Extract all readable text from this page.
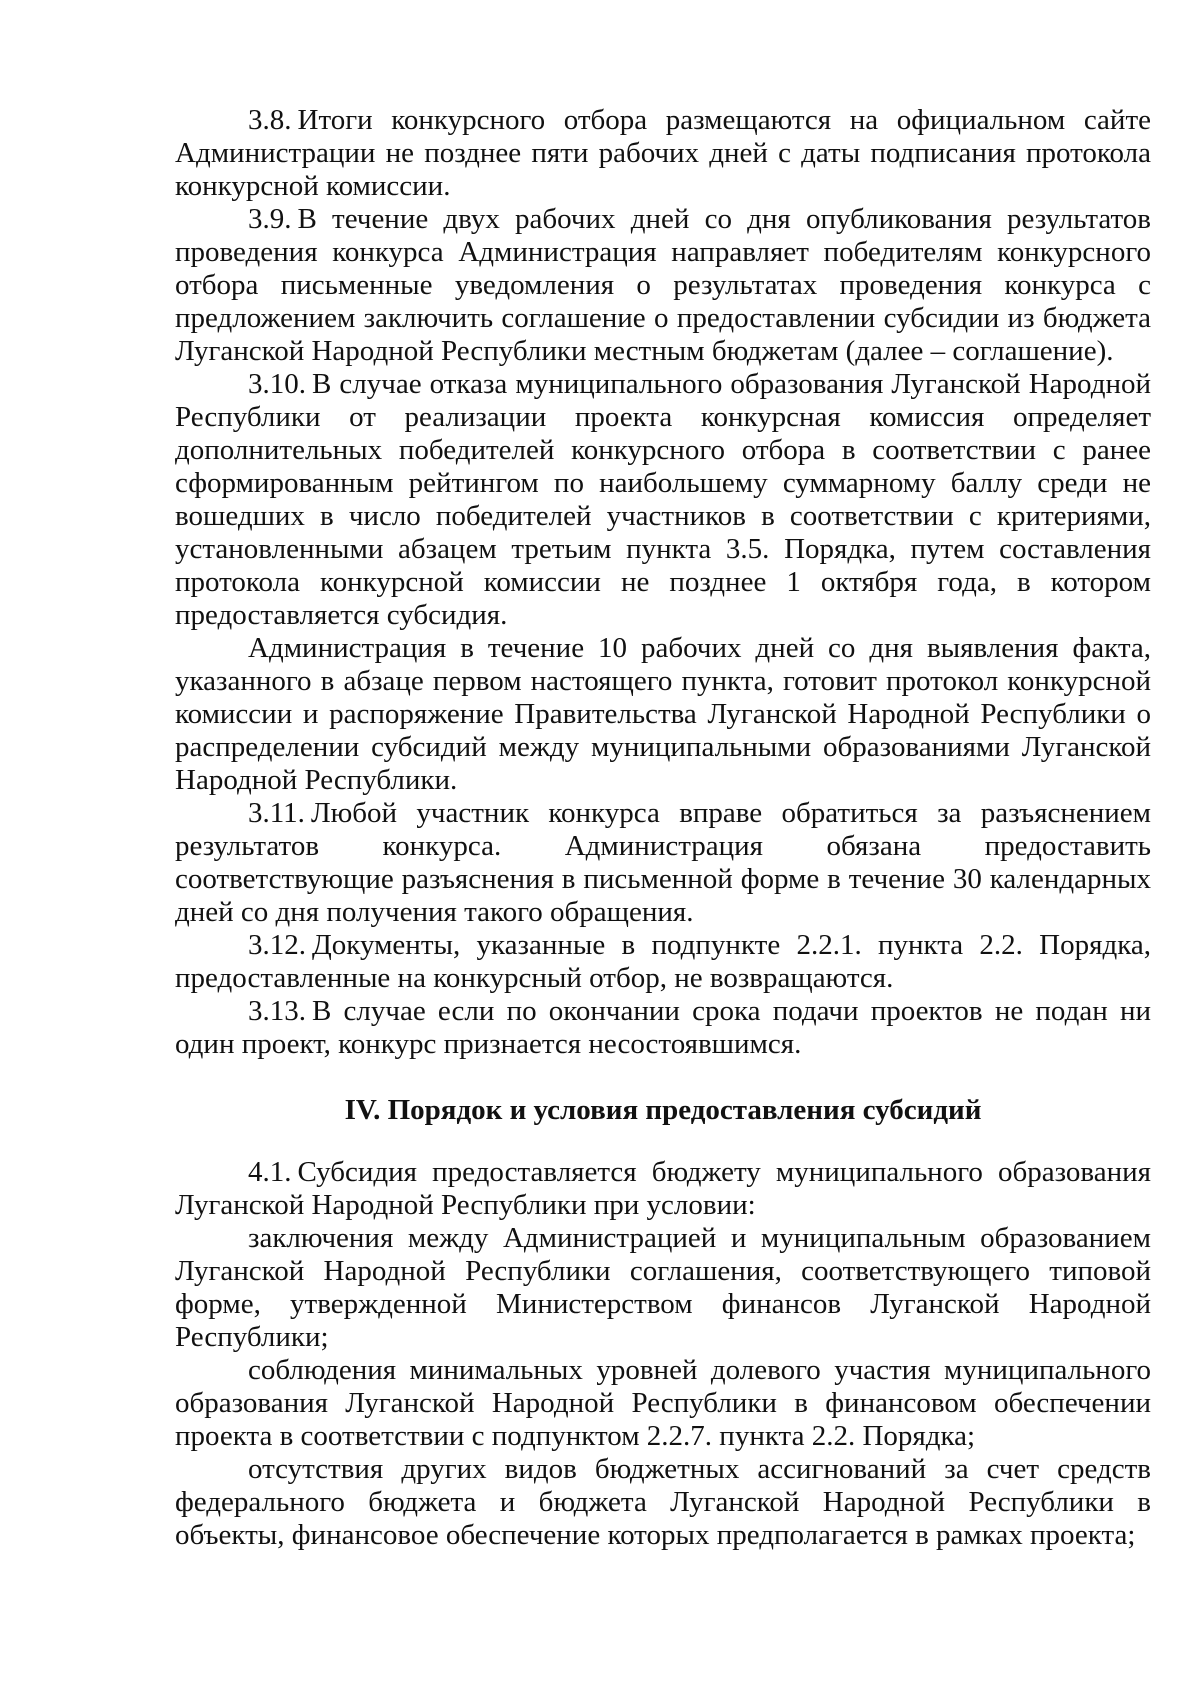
3.8. Итоги конкурсного отбора размещаются на официальном сайте Администрации не позднее пяти рабочих дней с даты подписания протокола конкурсной комиссии.

3.9. В течение двух рабочих дней со дня опубликования результатов проведения конкурса Администрация направляет победителям конкурсного отбора письменные уведомления о результатах проведения конкурса с предложением заключить соглашение о предоставлении субсидии из бюджета Луганской Народной Республики местным бюджетам (далее – соглашение).

3.10. В случае отказа муниципального образования Луганской Народной Республики от реализации проекта конкурсная комиссия определяет дополнительных победителей конкурсного отбора в соответствии с ранее сформированным рейтингом по наибольшему суммарному баллу среди не вошедших в число победителей участников в соответствии с критериями, установленными абзацем третьим пункта 3.5. Порядка, путем составления протокола конкурсной комиссии не позднее 1 октября года, в котором предоставляется субсидия.

Администрация в течение 10 рабочих дней со дня выявления факта, указанного в абзаце первом настоящего пункта, готовит протокол конкурсной комиссии и распоряжение Правительства Луганской Народной Республики о распределении субсидий между муниципальными образованиями Луганской Народной Республики.

3.11. Любой участник конкурса вправе обратиться за разъяснением результатов конкурса. Администрация обязана предоставить соответствующие разъяснения в письменной форме в течение 30 календарных дней со дня получения такого обращения.

3.12. Документы, указанные в подпункте 2.2.1. пункта 2.2. Порядка, предоставленные на конкурсный отбор, не возвращаются.

3.13. В случае если по окончании срока подачи проектов не подан ни один проект, конкурс признается несостоявшимся.

IV. Порядок и условия предоставления субсидий

4.1. Субсидия предоставляется бюджету муниципального образования Луганской Народной Республики при условии:

заключения между Администрацией и муниципальным образованием Луганской Народной Республики соглашения, соответствующего типовой форме, утвержденной Министерством финансов Луганской Народной Республики;

соблюдения минимальных уровней долевого участия муниципального образования Луганской Народной Республики в финансовом обеспечении проекта в соответствии с подпунктом 2.2.7. пункта 2.2. Порядка;

отсутствия других видов бюджетных ассигнований за счет средств федерального бюджета и бюджета Луганской Народной Республики в объекты, финансовое обеспечение которых предполагается в рамках проекта;
